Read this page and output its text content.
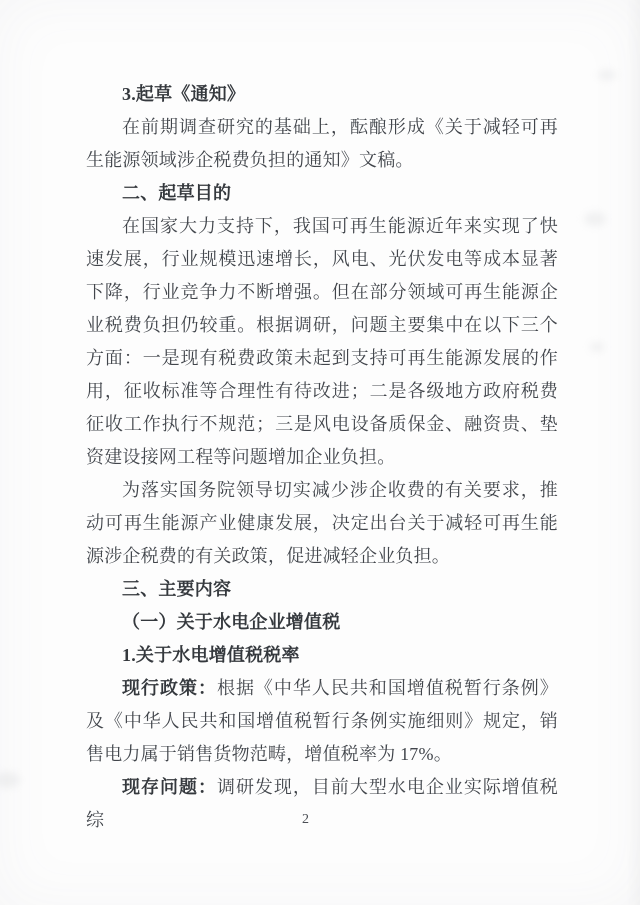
3.起草《通知》

在前期调查研究的基础上，酝酿形成《关于减轻可再生能源领域涉企税费负担的通知》文稿。

二、起草目的

在国家大力支持下，我国可再生能源近年来实现了快速发展，行业规模迅速增长，风电、光伏发电等成本显著下降，行业竞争力不断增强。但在部分领域可再生能源企业税费负担仍较重。根据调研，问题主要集中在以下三个方面：一是现有税费政策未起到支持可再生能源发展的作用，征收标准等合理性有待改进；二是各级地方政府税费征收工作执行不规范；三是风电设备质保金、融资贵、垫资建设接网工程等问题增加企业负担。

为落实国务院领导切实减少涉企收费的有关要求，推动可再生能源产业健康发展，决定出台关于减轻可再生能源涉企税费的有关政策，促进减轻企业负担。

三、主要内容

（一）关于水电企业增值税

1.关于水电增值税税率

现行政策：根据《中华人民共和国增值税暂行条例》及《中华人民共和国增值税暂行条例实施细则》规定，销售电力属于销售货物范畴，增值税率为 17%。

现存问题：调研发现，目前大型水电企业实际增值税综	2
